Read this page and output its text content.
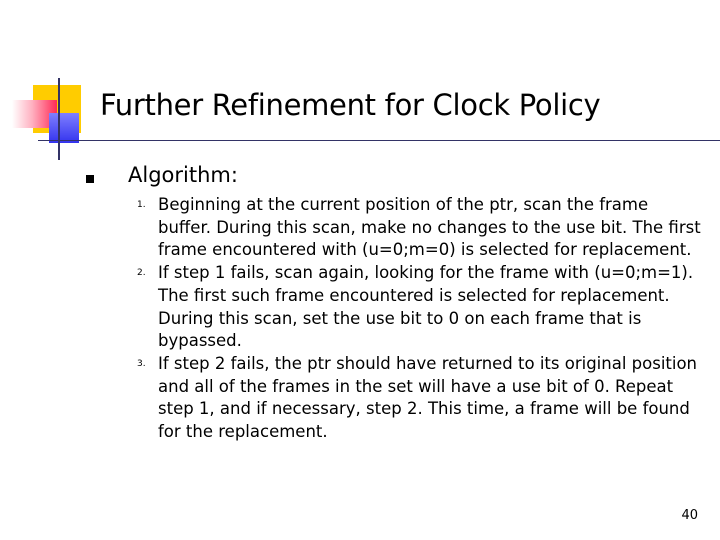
Further Refinement for Clock Policy
Algorithm:
1. Beginning at the current position of the ptr, scan the frame buffer. During this scan, make no changes to the use bit. The first frame encountered with (u=0;m=0) is selected for replacement.
2. If step 1 fails, scan again, looking for the frame with (u=0;m=1). The first such frame encountered is selected for replacement. During this scan, set the use bit to 0 on each frame that is bypassed.
3. If step 2 fails, the ptr should have returned to its original position and all of the frames in the set will have a use bit of 0. Repeat step 1, and if necessary, step 2. This time, a frame will be found for the replacement.
40
